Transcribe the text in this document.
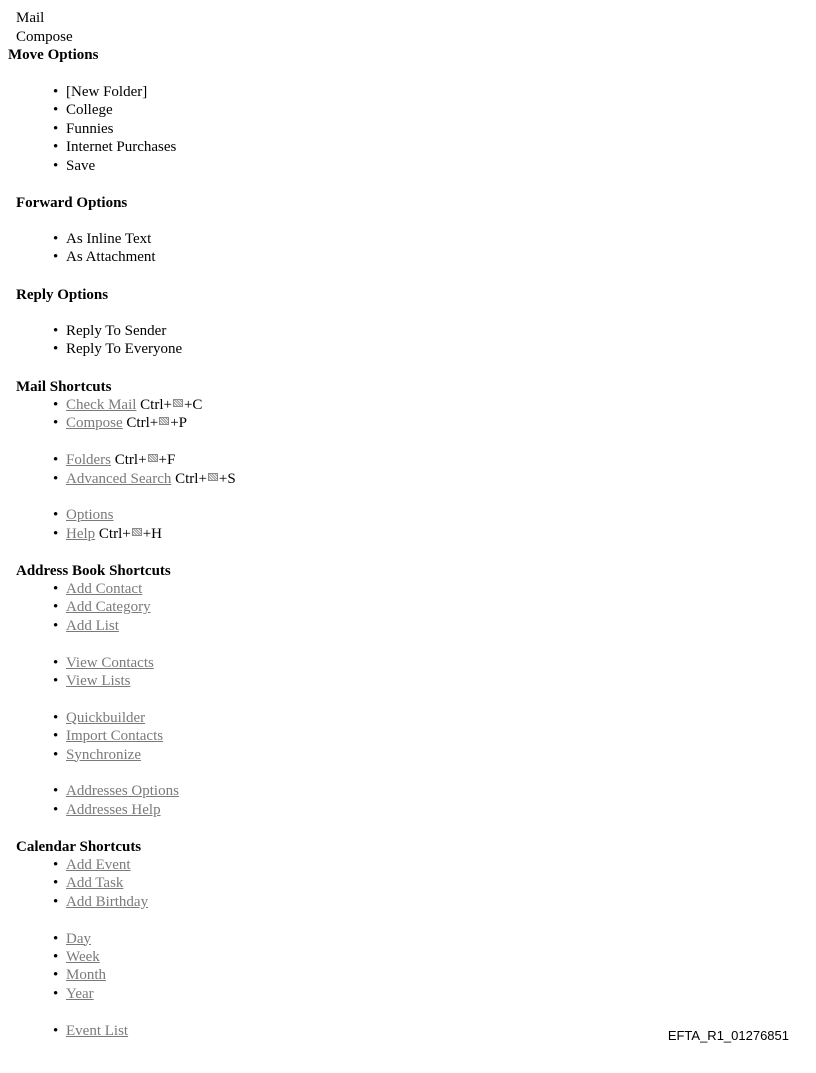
Mail
Compose
Move Options
• [New Folder]
• College
• Funnies
• Internet Purchases
• Save
Forward Options
• As Inline Text
• As Attachment
Reply Options
• Reply To Sender
• Reply To Everyone
Mail Shortcuts
• Check Mail Ctrl+ +C
• Compose Ctrl+ +P
• Folders Ctrl+ +F
• Advanced Search Ctrl+ +S
• Options
• Help Ctrl+ +H
Address Book Shortcuts
• Add Contact
• Add Category
• Add List
• View Contacts
• View Lists
• Quickbuilder
• Import Contacts
• Synchronize
• Addresses Options
• Addresses Help
Calendar Shortcuts
• Add Event
• Add Task
• Add Birthday
• Day
• Week
• Month
• Year
• Event List	EFTA_R1_01276851
